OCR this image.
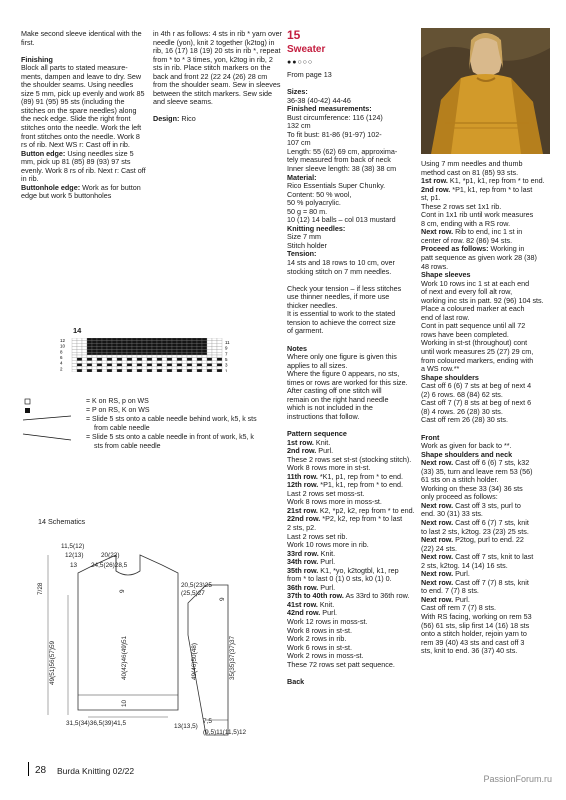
Make second sleeve identical with the first.

Finishing

Block all parts to stated measure- ments, dampen and leave to dry. Sew the shoulder seams. Using needles size 5 mm, pick up evenly and work 85 (89) 91 (95) 95 sts (including the stitches on the spare needles) along the neck edge. Slide the right front stitches onto the needle. Work the left front stitches onto the needle. Work 8 rs of rib. Next WS r: Cast off in rib.

Button edge: Using needles size 5 mm, pick up 81 (85) 89 (93) 97 sts evenly. Work 8 rs of rib. Next r: Cast off in rib.

Buttonhole edge: Work as for button edge but work 5 buttonholes

in 4th r as follows: 4 sts in rib * yarn over needle (yon), knit 2 together (k2tog) in rib, 16 (17) 18 (19) 20 sts in rib *, repeat from * to * 3 times, yon, k2tog in rib, 2 sts in rib. Place stitch markers on the back and front 22 (22 24 (26) 28 cm from the shoulder seam. Sew in sleeves between the stitch markers. Sew side and sleeve seams.

Design: Rico

15
Sweater
●●○○○

From page 13

Sizes:

36-38 (40-42) 44-46

Finished measurements:

Bust circumference: 116 (124)

132 cm

To fit bust: 81-86 (91-97) 102-

107 cm

Length: 55 (62) 69 cm, approxima-

tely measured from back of neck

Inner sleeve length: 38 (38) 38 cm

Material:

Rico Essentials Super Chunky.

Content: 50 % wool,

50 % polyacrylic.

50 g = 80 m.

10 (12) 14 balls – col 013 mustard

Knitting needles:

Size 7 mm

Stitch holder

Tension:

14 sts and 18 rows to 10 cm, over

stocking stitch on 7 mm needles.

Check your tension – if less stitches

use thinner needles, if more use

thicker needles.

It is essential to work to the stated

tension to achieve the correct size

of garment.

Notes

Where only one figure is given this

applies to all sizes.

Where the figure 0 appears, no sts,

times or rows are worked for this size.

After casting off one stitch will

remain on the right hand needle

which is not included in the

instructions that follow.

Pattern sequence

1st row. Knit.

2nd row. Purl.

These 2 rows set st-st (stocking stitch).

Work 8 rows more in st-st.

11th row. *K1, p1, rep from * to end.

12th row. *P1, k1, rep from * to end.

Last 2 rows set moss-st.

Work 8 rows more in moss-st.

21st row. K2, *p2, k2, rep from * to end.

22nd row. *P2, k2, rep from * to last

2 sts, p2.

Last 2 rows set rib.

Work 10 rows more in rib.

33rd row. Knit.

34th row. Purl.

35th row. K1, *yo, k2togtbl, k1, rep

from * to last 0 (1) 0 sts, k0 (1) 0.

36th row. Purl.

37th to 40th row. As 33rd to 36th row.

41st row. Knit.

42nd row. Purl.

Work 12 rows in moss-st.

Work 8 rows in st-st.

Work 2 rows in rib.

Work 6 rows in st-st.

Work 2 rows in moss-st.

These 72 rows set patt sequence.

Back

Using 7 mm needles and thumb

method cast on 81 (85) 93 sts.

1st row. K1, *p1, k1, rep from * to end.

2nd row. *P1, k1, rep from * to last

st, p1.

These 2 rows set 1x1 rib.

Cont in 1x1 rib until work measures

8 cm, ending with a RS row.

Next row. Rib to end, inc 1 st in

center of row. 82 (86) 94 sts.

Proceed as follows: Working in

patt sequence as given work 28 (38)

48 rows.

Shape sleeves

Work 10 rows inc 1 st at each end

of next and every foll alt row,

working inc sts in patt. 92 (96) 104 sts.

Place a coloured marker at each

end of last row.

Cont in patt sequence until all 72

rows have been completed.

Working in st-st (throughout) cont

until work measures 25 (27) 29 cm,

from coloured markers, ending with

a WS row.**

Shape shoulders

Cast off 6 (6) 7 sts at beg of next 4

(2) 6 rows. 68 (84) 62 sts.

Cast off 7 (7) 8 sts at beg of next 6

(8) 4 rows. 26 (28) 30 sts.

Cast off rem 26 (28) 30 sts.

Front

Work as given for back to **.

Shape shoulders and neck

Next row. Cast off 6 (6) 7 sts, k32

(33) 35, turn and leave rem 53 (56)

61 sts on a stitch holder.

Working on these 33 (34) 36 sts

only proceed as follows:

Next row. Cast off 3 sts, purl to

end. 30 (31) 33 sts.

Next row. Cast off 6 (7) 7 sts, knit

to last 2 sts, k2tog. 23 (23) 25 sts.

Next row. P2tog, purl to end. 22

(22) 24 sts.

Next row. Cast off 7 sts, knit to last

2 sts, k2tog. 14 (14) 16 sts.

Next row. Purl.

Next row. Cast off 7 (7) 8 sts, knit

to end. 7 (7) 8 sts.

Next row. Purl.

Cast off rem 7 (7) 8 sts.

With RS facing, working on rem 53

(56) 61 sts, slip first 14 (16) 18 sts

onto a stitch holder, rejoin yarn to

rem 39 (40) 43 sts and cast off 3

sts, knit to end. 36 (37) 40 sts.

14
12
10
8
6
4
2
11
9
7
5
3
1
= K on RS, p on WS
= P on RS, K on WS
= Slide 5 sts onto a cable needle behind work, k5, k sts
from cable needle
= Slide 5 sts onto a cable needle in front of work, k5, k
sts from cable needle
14 Schematics
11,5(12)
12(13)	20(22)
13 24,5(26)28,5
7/28	9
49(51)56(57)59	40(42)46(49)51
10
31,5(34)36,5(39)41,5
20,5(23)25
(25,5)27
9
49(46)50(48)	35(35)37(37)37
13(13,5)
7,5
(9,5)11(11,5)12
28 Burda Knitting 02/22
PassionForum.ru
